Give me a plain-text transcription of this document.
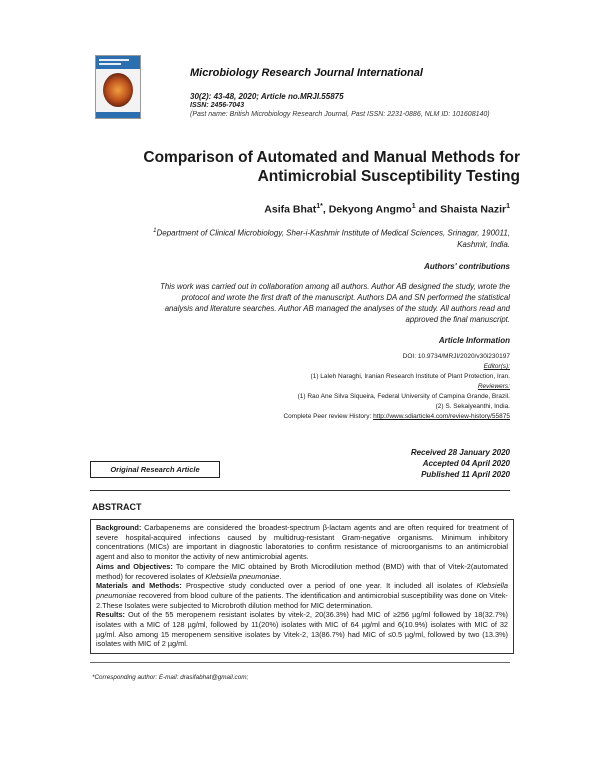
Microbiology Research Journal International
30(2): 43-48, 2020; Article no.MRJI.55875
ISSN: 2456-7043
(Past name: British Microbiology Research Journal, Past ISSN: 2231-0886, NLM ID: 101608140)
Comparison of Automated and Manual Methods for
Antimicrobial Susceptibility Testing
Asifa Bhat$^{1*}$, Dekyong Angmo$^1$ and Shaista Nazir$^1$
$^1$Department of Clinical Microbiology, Sher-i-Kashmir Institute of Medical Sciences, Srinagar, 190011,
Kashmir, India.
Authors' contributions
This work was carried out in collaboration among all authors. Author AB designed the study, wrote the
protocol and wrote the first draft of the manuscript. Authors DA and SN performed the statistical
analysis and literature searches. Author AB managed the analyses of the study. All authors read and
approved the final manuscript.
Article Information
DOI: 10.9734/MRJI/2020/v30i230197
Editor(s):
(1) Laleh Naraghi, Iranian Research Institute of Plant Protection, Iran.
Reviewers:
(1) Rao Ane Silva Siqueira, Federal University of Campina Grande, Brazil.
(2) S. Sekaiyeanthi, India.
Complete Peer review History: http://www.sdiarticle4.com/review-history/55875
Received 28 January 2020
Accepted 04 April 2020
Published 11 April 2020
Original Research Article
ABSTRACT
Background: Carbapenems are considered the broadest-spectrum β-lactam agents and are often required for treatment of severe hospital-acquired infections caused by multidrug-resistant Gram-negative organisms. Minimum inhibitory concentrations (MICs) are important in diagnostic laboratories to confirm resistance of microorganisms to an antimicrobial agent and also to monitor the activity of new antimicrobial agents.
Aims and Objectives: To compare the MIC obtained by Broth Microdilution method (BMD) with that of Vitek-2(automated method) for recovered isolates of Klebsiella pneumoniae.
Materials and Methods: Prospective study conducted over a period of one year. It included all isolates of Klebsiella pneumoniae recovered from blood culture of the patients. The identification and antimicrobial susceptibility was done on Vitek-2.These Isolates were subjected to Microbroth dilution method for MIC determination.
Results: Out of the 55 meropenem resistant isolates by vitek-2, 20(36.3%) had MIC of ≥256 µg/ml followed by 18(32.7%) isolates with a MIC of 128 µg/ml, followed by 11(20%) isolates with MIC of 64 µg/ml and 6(10.9%) isolates with MIC of 32 µg/ml. Also among 15 meropenem sensitive isolates by Vitek-2, 13(86.7%) had MIC of ≤0.5 µg/ml, followed by two (13.3%) isolates with MIC of 2 µg/ml.
*Corresponding author: E-mail: drasifabhat@gmail.com;
